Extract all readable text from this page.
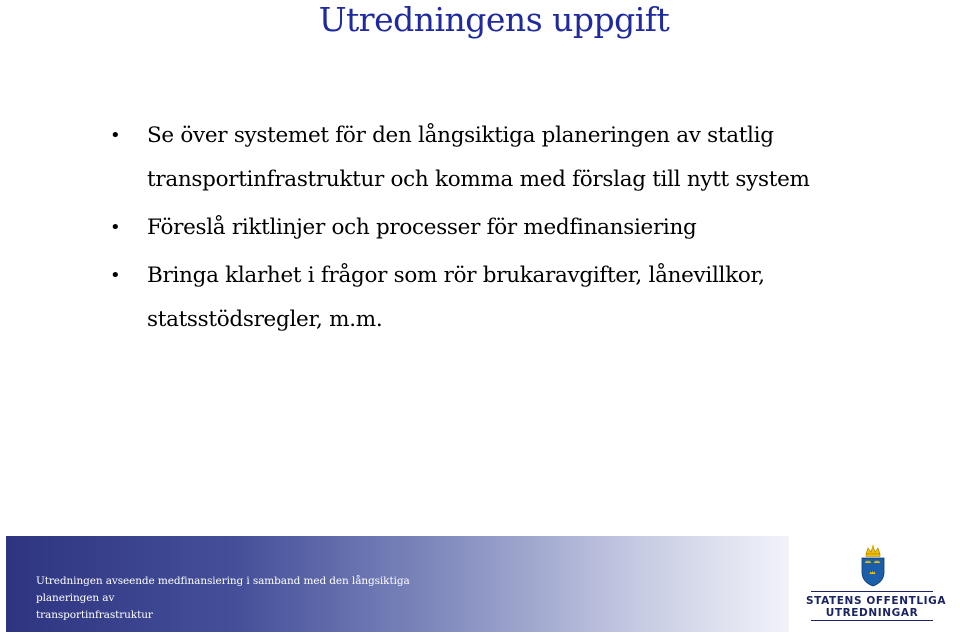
Utredningens uppgift
• Se över systemet för den långsiktiga planeringen av statlig
transportinfrastruktur och komma med förslag till nytt system
• Föreslå riktlinjer och processer för medfinansiering
• Bringa klarhet i frågor som rör brukaravgifter, lånevillkor,
statsstödsregler, m.m.
Utredningen avseende medfinansiering i samband med den långsiktiga planeringen av
transportinfrastruktur
STATENS OFFENTLIGA
UTREDNINGAR
